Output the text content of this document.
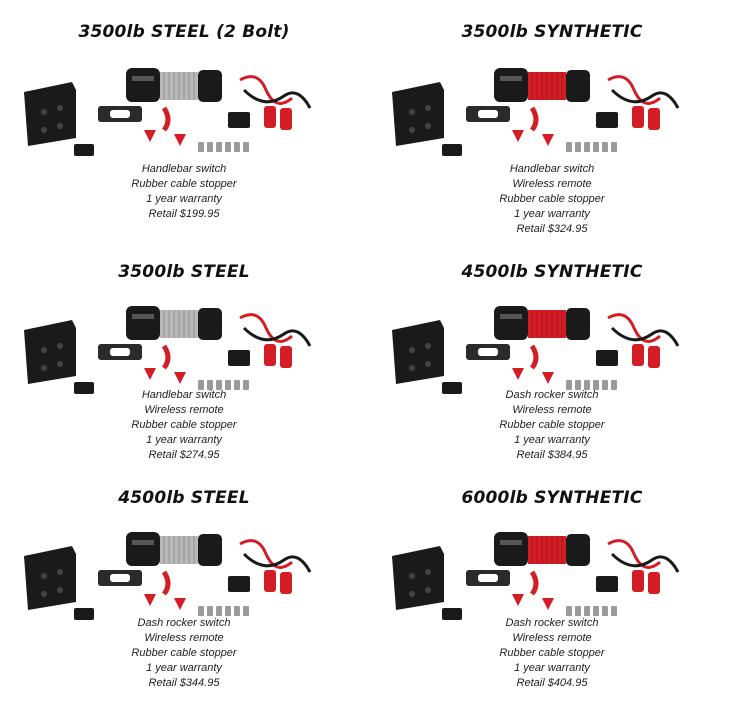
3500lb STEEL (2 Bolt)
Handlebar switch
Rubber cable stopper
1 year warranty
Retail $199.95
3500lb SYNTHETIC
Handlebar switch
Wireless remote
Rubber cable stopper
1 year warranty
Retail $324.95
3500lb STEEL
Handlebar switch
Wireless remote
Rubber cable stopper
1 year warranty
Retail $274.95
4500lb SYNTHETIC
Dash rocker switch
Wireless remote
Rubber cable stopper
1 year warranty
Retail $384.95
4500lb STEEL
Dash rocker switch
Wireless remote
Rubber cable stopper
1 year warranty
Retail $344.95
6000lb SYNTHETIC
Dash rocker switch
Wireless remote
Rubber cable stopper
1 year warranty
Retail $404.95
